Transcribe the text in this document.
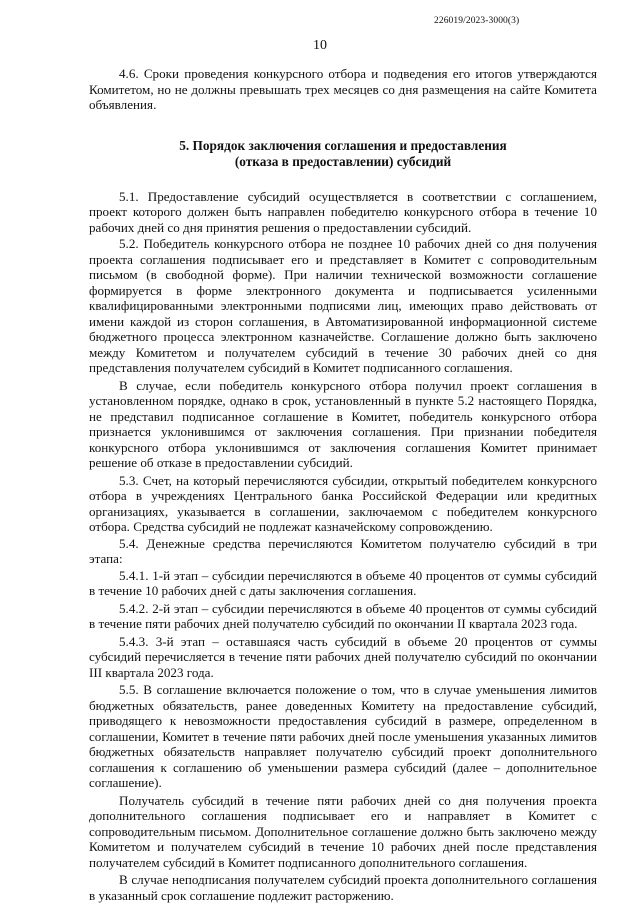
226019/2023-3000(3)
10

4.6. Сроки проведения конкурсного отбора и подведения его итогов утверждаются Комитетом, но не должны превышать трех месяцев со дня размещения на сайте Комитета объявления.

5. Порядок заключения соглашения и предоставления
(отказа в предоставлении) субсидий

5.1. Предоставление субсидий осуществляется в соответствии с соглашением, проект которого должен быть направлен победителю конкурсного отбора в течение 10 рабочих дней со дня принятия решения о предоставлении субсидий.

5.2. Победитель конкурсного отбора не позднее 10 рабочих дней со дня получения проекта соглашения подписывает его и представляет в Комитет с сопроводительным письмом (в свободной форме). При наличии технической возможности соглашение формируется в форме электронного документа и подписывается усиленными квалифицированными электронными подписями лиц, имеющих право действовать от имени каждой из сторон соглашения, в Автоматизированной информационной системе бюджетного процесса электронном казначействе. Соглашение должно быть заключено между Комитетом и получателем субсидий в течение 30 рабочих дней со дня представления получателем субсидий в Комитет подписанного соглашения.

В случае, если победитель конкурсного отбора получил проект соглашения в установленном порядке, однако в срок, установленный в пункте 5.2 настоящего Порядка, не представил подписанное соглашение в Комитет, победитель конкурсного отбора признается уклонившимся от заключения соглашения. При признании победителя конкурсного отбора уклонившимся от заключения соглашения Комитет принимает решение об отказе в предоставлении субсидий.

5.3. Счет, на который перечисляются субсидии, открытый победителем конкурсного отбора в учреждениях Центрального банка Российской Федерации или кредитных организациях, указывается в соглашении, заключаемом с победителем конкурсного отбора. Средства субсидий не подлежат казначейскому сопровождению.

5.4. Денежные средства перечисляются Комитетом получателю субсидий в три этапа:

5.4.1. 1-й этап – субсидии перечисляются в объеме 40 процентов от суммы субсидий в течение 10 рабочих дней с даты заключения соглашения.

5.4.2. 2-й этап – субсидии перечисляются в объеме 40 процентов от суммы субсидий в течение пяти рабочих дней получателю субсидий по окончании II квартала 2023 года.

5.4.3. 3-й этап – оставшаяся часть субсидий в объеме 20 процентов от суммы субсидий перечисляется в течение пяти рабочих дней получателю субсидий по окончании III квартала 2023 года.

5.5. В соглашение включается положение о том, что в случае уменьшения лимитов бюджетных обязательств, ранее доведенных Комитету на предоставление субсидий, приводящего к невозможности предоставления субсидий в размере, определенном в соглашении, Комитет в течение пяти рабочих дней после уменьшения указанных лимитов бюджетных обязательств направляет получателю субсидий проект дополнительного соглашения к соглашению об уменьшении размера субсидий (далее – дополнительное соглашение).

Получатель субсидий в течение пяти рабочих дней со дня получения проекта дополнительного соглашения подписывает его и направляет в Комитет с сопроводительным письмом. Дополнительное соглашение должно быть заключено между Комитетом и получателем субсидий в течение 10 рабочих дней после представления получателем субсидий в Комитет подписанного дополнительного соглашения.

В случае неподписания получателем субсидий проекта дополнительного соглашения в указанный срок соглашение подлежит расторжению.
